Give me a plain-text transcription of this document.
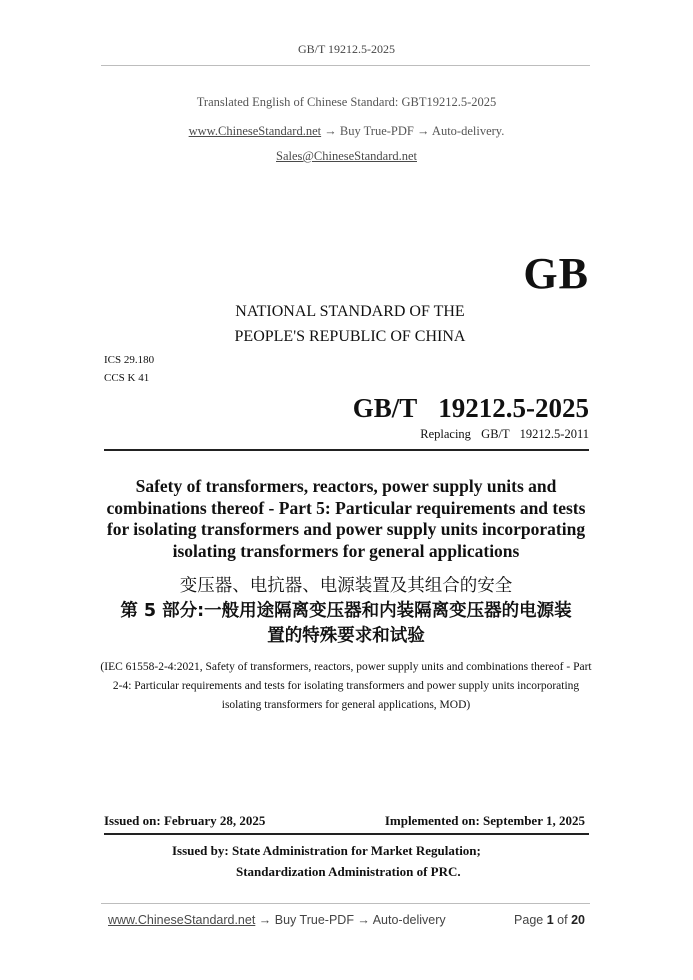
GB/T 19212.5-2025
Translated English of Chinese Standard: GBT19212.5-2025
www.ChineseStandard.net → Buy True-PDF → Auto-delivery.
Sales@ChineseStandard.net
GB
NATIONAL STANDARD OF THE
PEOPLE'S REPUBLIC OF CHINA
ICS 29.180
CCS K 41
GB/T  19212.5-2025
Replacing  GB/T  19212.5-2011
Safety of transformers, reactors, power supply units and combinations thereof - Part 5: Particular requirements and tests for isolating transformers and power supply units incorporating isolating transformers for general applications
变压器、电抗器、电源装置及其组合的安全
第 5 部分:一般用途隔离变压器和内装隔离变压器的电源装
置的特殊要求和试验
(IEC 61558-2-4:2021, Safety of transformers, reactors, power supply units and combinations thereof - Part 2-4: Particular requirements and tests for isolating transformers and power supply units incorporating isolating transformers for general applications, MOD)
Issued on: February 28, 2025	Implemented on: September 1, 2025
Issued by: State Administration for Market Regulation;
Standardization Administration of PRC.
www.ChineseStandard.net → Buy True-PDF → Auto-delivery	Page 1 of 20
